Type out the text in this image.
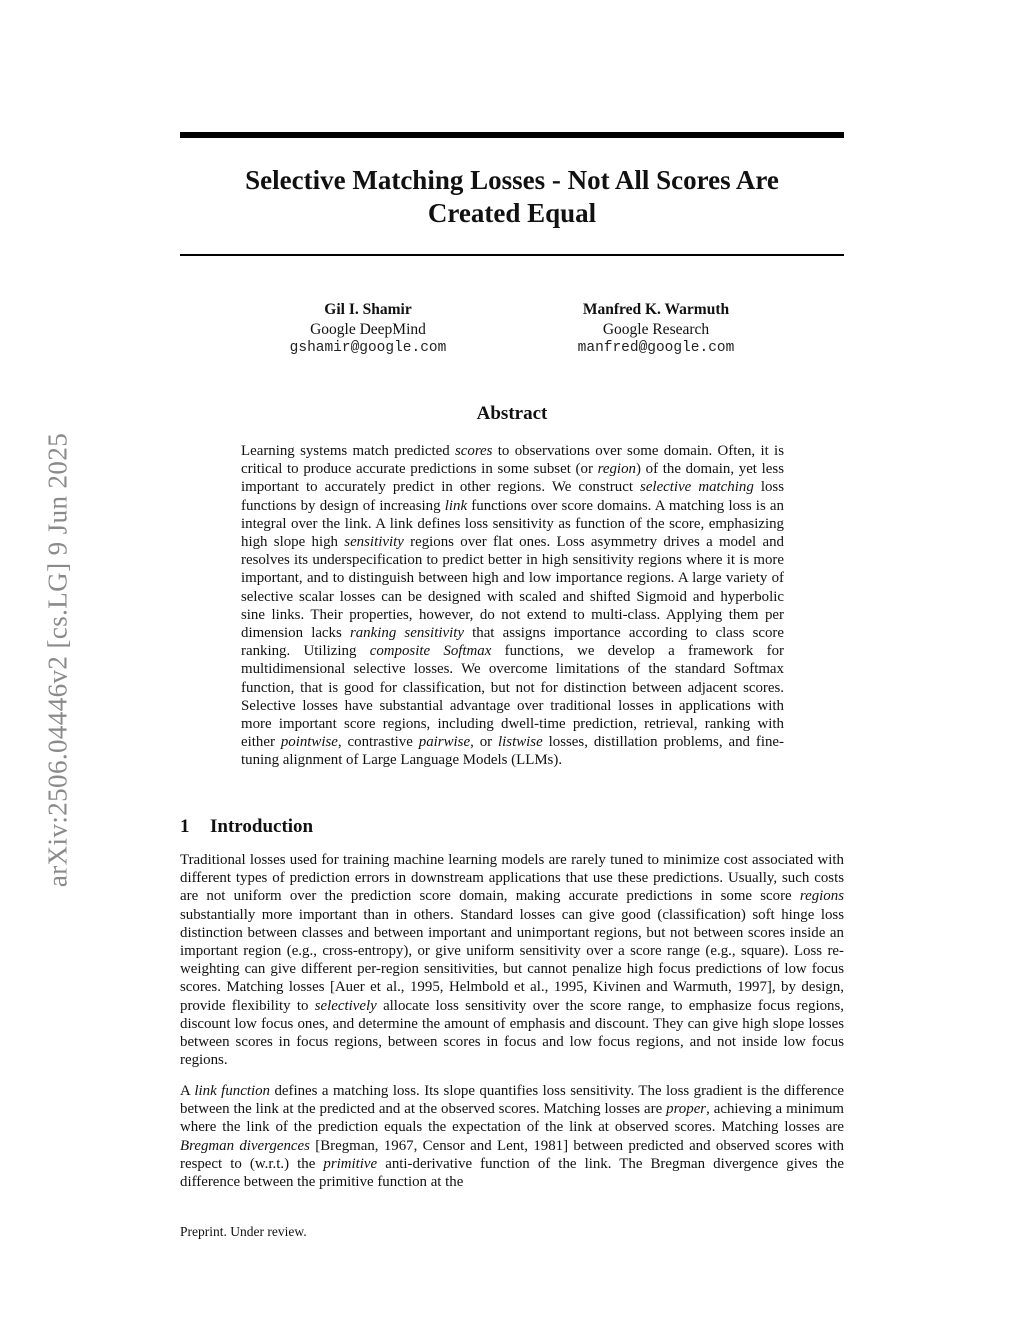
arXiv:2506.04446v2 [cs.LG] 9 Jun 2025
Selective Matching Losses - Not All Scores Are
Created Equal
Gil I. Shamir
Google DeepMind
gshamir@google.com
Manfred K. Warmuth
Google Research
manfred@google.com
Abstract
Learning systems match predicted scores to observations over some domain. Often, it is critical to produce accurate predictions in some subset (or region) of the domain, yet less important to accurately predict in other regions. We construct selective matching loss functions by design of increasing link functions over score domains. A matching loss is an integral over the link. A link defines loss sensitivity as function of the score, emphasizing high slope high sensitivity regions over flat ones. Loss asymmetry drives a model and resolves its underspecification to predict better in high sensitivity regions where it is more important, and to distinguish between high and low importance regions. A large variety of selective scalar losses can be designed with scaled and shifted Sigmoid and hyperbolic sine links. Their properties, however, do not extend to multi-class. Applying them per dimension lacks ranking sensitivity that assigns importance according to class score ranking. Utilizing composite Softmax functions, we develop a framework for multidimensional selective losses. We overcome limitations of the standard Softmax function, that is good for classification, but not for distinction between adjacent scores. Selective losses have substantial advantage over traditional losses in applications with more important score regions, including dwell-time prediction, retrieval, ranking with either pointwise, contrastive pairwise, or listwise losses, distillation problems, and fine-tuning alignment of Large Language Models (LLMs).
1 Introduction
Traditional losses used for training machine learning models are rarely tuned to minimize cost associated with different types of prediction errors in downstream applications that use these predictions. Usually, such costs are not uniform over the prediction score domain, making accurate predictions in some score regions substantially more important than in others. Standard losses can give good (classification) soft hinge loss distinction between classes and between important and unimportant regions, but not between scores inside an important region (e.g., cross-entropy), or give uniform sensitivity over a score range (e.g., square). Loss re-weighting can give different per-region sensitivities, but cannot penalize high focus predictions of low focus scores. Matching losses [Auer et al., 1995, Helmbold et al., 1995, Kivinen and Warmuth, 1997], by design, provide flexibility to selectively allocate loss sensitivity over the score range, to emphasize focus regions, discount low focus ones, and determine the amount of emphasis and discount. They can give high slope losses between scores in focus regions, between scores in focus and low focus regions, and not inside low focus regions.
A link function defines a matching loss. Its slope quantifies loss sensitivity. The loss gradient is the difference between the link at the predicted and at the observed scores. Matching losses are proper, achieving a minimum where the link of the prediction equals the expectation of the link at observed scores. Matching losses are Bregman divergences [Bregman, 1967, Censor and Lent, 1981] between predicted and observed scores with respect to (w.r.t.) the primitive anti-derivative function of the link. The Bregman divergence gives the difference between the primitive function at the
Preprint. Under review.
